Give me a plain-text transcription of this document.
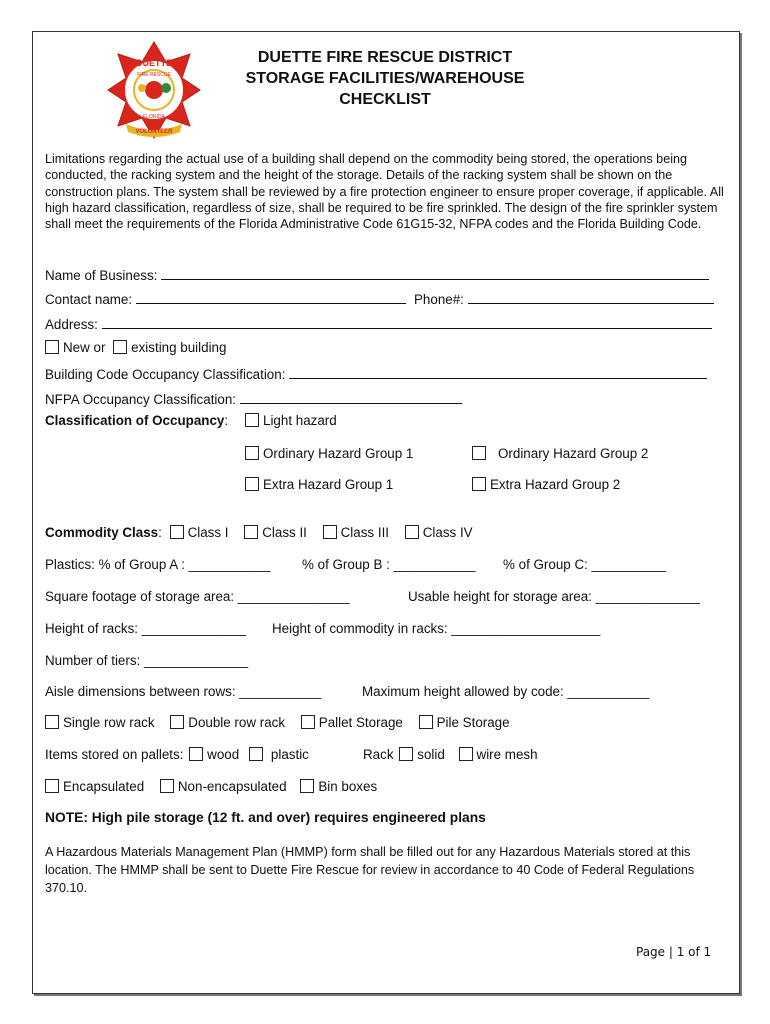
DUETTE
FIRE RESCUE
FLORIDA
VOLUNTEER
DUETTE FIRE RESCUE DISTRICT
STORAGE FACILITIES/WAREHOUSE
CHECKLIST
Limitations regarding the actual use of a building shall depend on the commodity being stored, the operations being conducted, the racking system and the height of the storage. Details of the racking system shall be shown on the construction plans. The system shall be reviewed by a fire protection engineer to ensure proper coverage, if applicable. All high hazard classification, regardless of size, shall be required to be fire sprinkled. The design of the fire sprinkler system shall meet the requirements of the Florida Administrative Code 61G15-32, NFPA codes and the Florida Building Code.
Name of Business:
Contact name:	Phone#:
Address:
New or existing building
Building Code Occupancy Classification:
NFPA Occupancy Classification:
Classification of Occupancy:	Light hazard
Ordinary Hazard Group 1	Ordinary Hazard Group 2
Extra Hazard Group 1	Extra Hazard Group 2
Commodity Class: Class I	Class II	Class III	Class IV
Plastics: % of Group A : ___________ % of Group B : ___________ % of Group C: __________
Square footage of storage area: _______________	Usable height for storage area: ______________
Height of racks: ______________ Height of commodity in racks: ____________________
Number of tiers: ______________
Aisle dimensions between rows: ___________	Maximum height allowed by code: ___________
Single row rack	Double row rack	Pallet Storage	Pile Storage
Items stored on pallets: wood plastic	Rack solid wire mesh
Encapsulated	Non-encapsulated Bin boxes
NOTE: High pile storage (12 ft. and over) requires engineered plans
A Hazardous Materials Management Plan (HMMP) form shall be filled out for any Hazardous Materials stored at this location. The HMMP shall be sent to Duette Fire Rescue for review in accordance to 40 Code of Federal Regulations 370.10.
Page | 1 of 1
